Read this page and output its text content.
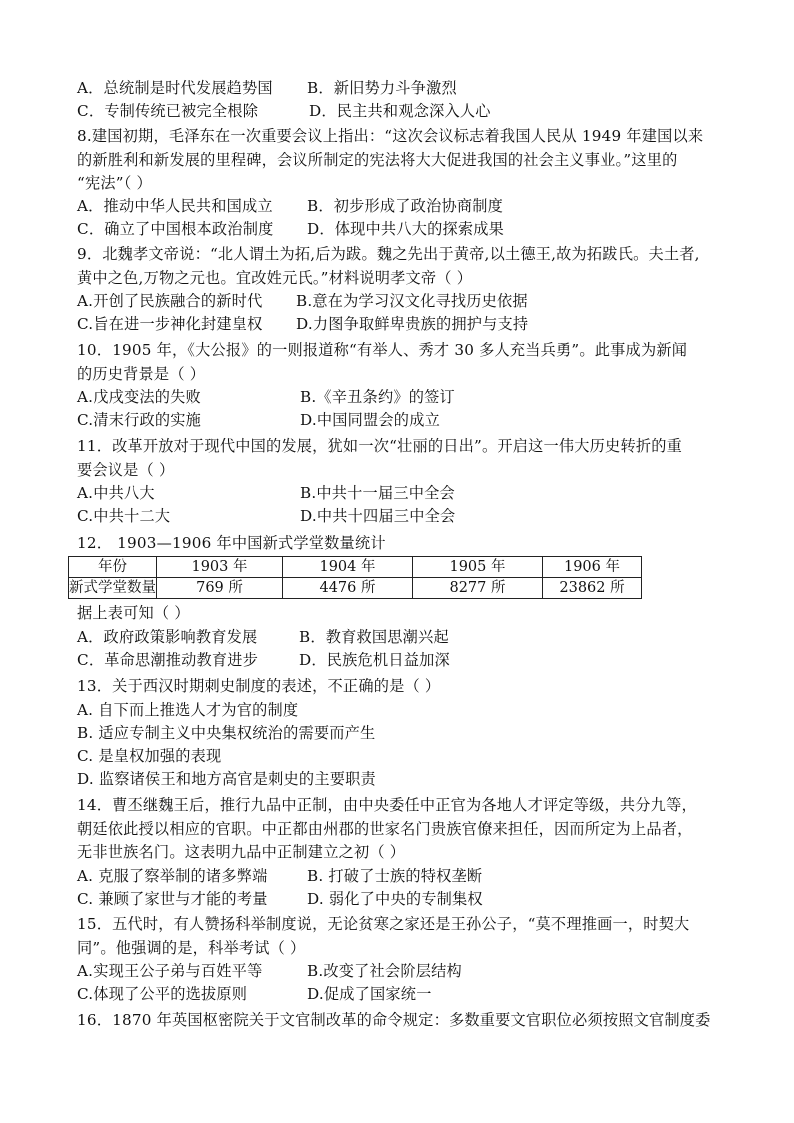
A．总统制是时代发展趋势国 B．新旧势力斗争激烈
C．专制传统已被完全根除	D．民主共和观念深入人心
8.建国初期，毛泽东在一次重要会议上指出：“这次会议标志着我国人民从 1949 年建国以来
的新胜利和新发展的里程碑，会议所制定的宪法将大大促进我国的社会主义事业。”这里的
“宪法”（ ）
A．推动中华人民共和国成立 B．初步形成了政治协商制度
C．确立了中国根本政治制度 D．体现中共八大的探索成果
9．北魏孝文帝说：“北人谓土为拓,后为跋。魏之先出于黄帝,以土德王,故为拓跋氏。夫土者,
黄中之色,万物之元也。宜改姓元氏。”材料说明孝文帝（ ）
A.开创了民族融合的新时代 B.意在为学习汉文化寻找历史依据
C.旨在进一步神化封建皇权 D.力图争取鲜卑贵族的拥护与支持
10．1905 年，《大公报》的一则报道称“有举人、秀才 30 多人充当兵勇”。此事成为新闻
的历史背景是（ ）
A.戊戌变法的失败	B.《辛丑条约》的签订
C.清末行政的实施	D.中国同盟会的成立
11．改革开放对于现代中国的发展，犹如一次“壮丽的日出”。开启这一伟大历史转折的重
要会议是（ ）
A.中共八大	B.中共十一届三中全会
C.中共十二大	D.中共十四届三中全会
12． 1903—1906 年中国新式学堂数量统计
年份	1903 年	1904 年	1905 年	1906 年
新式学堂数量	769 所	4476 所	8277 所	23862 所
据上表可知（ ）
A．政府政策影响教育发展	B．教育救国思潮兴起
C．革命思潮推动教育进步	D．民族危机日益加深
13．关于西汉时期刺史制度的表述，不正确的是（ ）
A. 自下而上推选人才为官的制度
B. 适应专制主义中央集权统治的需要而产生
C. 是皇权加强的表现
D. 监察诸侯王和地方高官是刺史的主要职责
14．曹丕继魏王后，推行九品中正制，由中央委任中正官为各地人才评定等级，共分九等，
朝廷依此授以相应的官职。中正都由州郡的世家名门贵族官僚来担任，因而所定为上品者，
无非世族名门。这表明九品中正制建立之初（ ）
A. 克服了察举制的诸多弊端	B. 打破了士族的特权垄断
C. 兼顾了家世与才能的考量	D. 弱化了中央的专制集权
15．五代时，有人赞扬科举制度说，无论贫寒之家还是王孙公子，“莫不理推画一，时契大
同”。他强调的是，科举考试（ ）
A.实现王公子弟与百姓平等	B.改变了社会阶层结构
C.体现了公平的选拔原则	D.促成了国家统一
16．1870 年英国枢密院关于文官制改革的命令规定：多数重要文官职位必须按照文官制度委
